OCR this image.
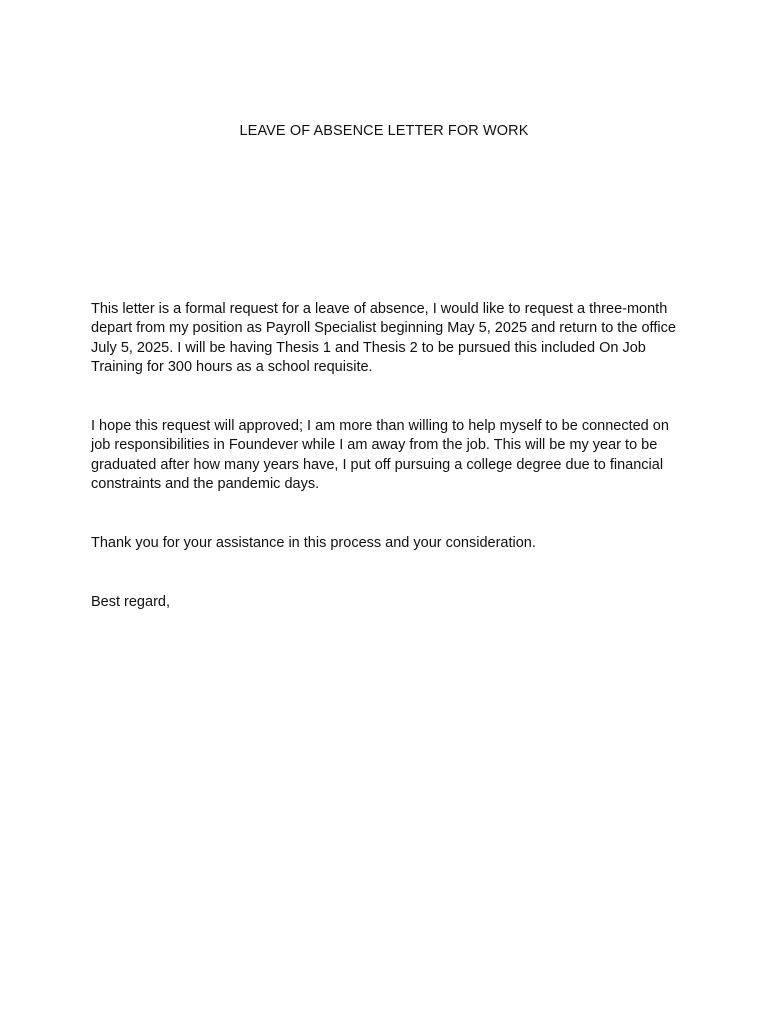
LEAVE OF ABSENCE LETTER FOR WORK

This letter is a formal request for a leave of absence, I would like to request a three-month depart from my position as Payroll Specialist beginning May 5, 2025 and return to the office July 5, 2025. I will be having Thesis 1 and Thesis 2 to be pursued this included On Job Training for 300 hours as a school requisite.

I hope this request will approved; I am more than willing to help myself to be connected on job responsibilities in Foundever while I am away from the job. This will be my year to be graduated after how many years have, I put off pursuing a college degree due to financial constraints and the pandemic days.

Thank you for your assistance in this process and your consideration.

Best regard,
